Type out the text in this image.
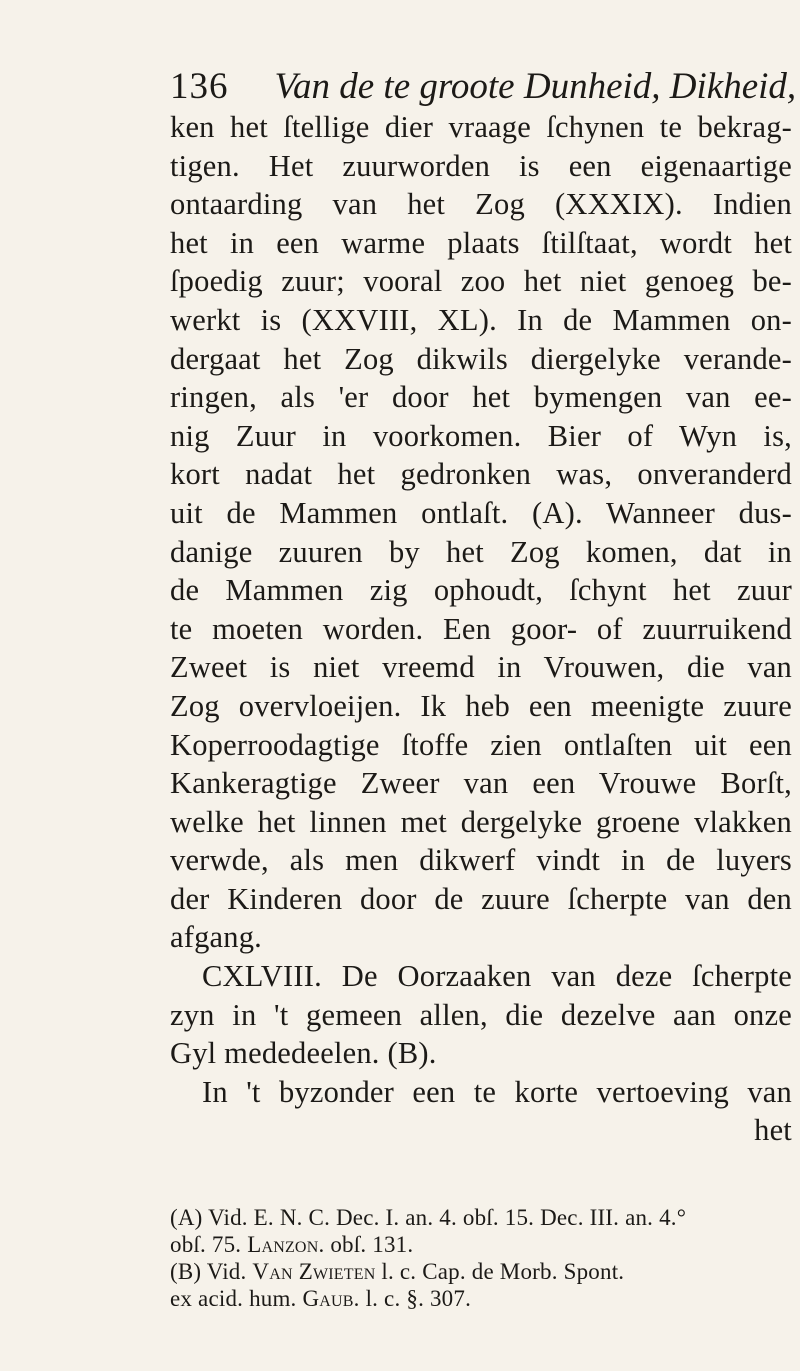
136 Van de te groote Dunheid, Dikheid,
ken het ſtellige dier vraage ſchynen te bekrag-
tigen. Het zuurworden is een eigenaartige
ontaarding van het Zog (XXXIX). Indien
het in een warme plaats ſtilſtaat, wordt het
ſpoedig zuur; vooral zoo het niet genoeg be-
werkt is (XXVIII, XL). In de Mammen on-
dergaat het Zog dikwils diergelyke verande-
ringen, als 'er door het bymengen van ee-
nig Zuur in voorkomen. Bier of Wyn is,
kort nadat het gedronken was, onveranderd
uit de Mammen ontlaſt. (A). Wanneer dus-
danige zuuren by het Zog komen, dat in
de Mammen zig ophoudt, ſchynt het zuur
te moeten worden. Een goor- of zuurruikend
Zweet is niet vreemd in Vrouwen, die van
Zog overvloeijen. Ik heb een meenigte zuure
Koperroodagtige ſtoffe zien ontlaſten uit een
Kankeragtige Zweer van een Vrouwe Borſt,
welke het linnen met dergelyke groene vlakken
verwde, als men dikwerf vindt in de luyers
der Kinderen door de zuure ſcherpte van den
afgang.
CXLVIII. De Oorzaaken van deze ſcherpte
zyn in 't gemeen allen, die dezelve aan onze
Gyl mededeelen. (B).
In 't byzonder een te korte vertoeving van
het
(A) Vid. E. N. C. Dec. I. an. 4. obſ. 15. Dec. III. an. 4.°
obſ. 75. Lanzon. obſ. 131.
(B) Vid. Van Zwieten l. c. Cap. de Morb. Spont.
ex acid. hum. Gaub. l. c. §. 307.
